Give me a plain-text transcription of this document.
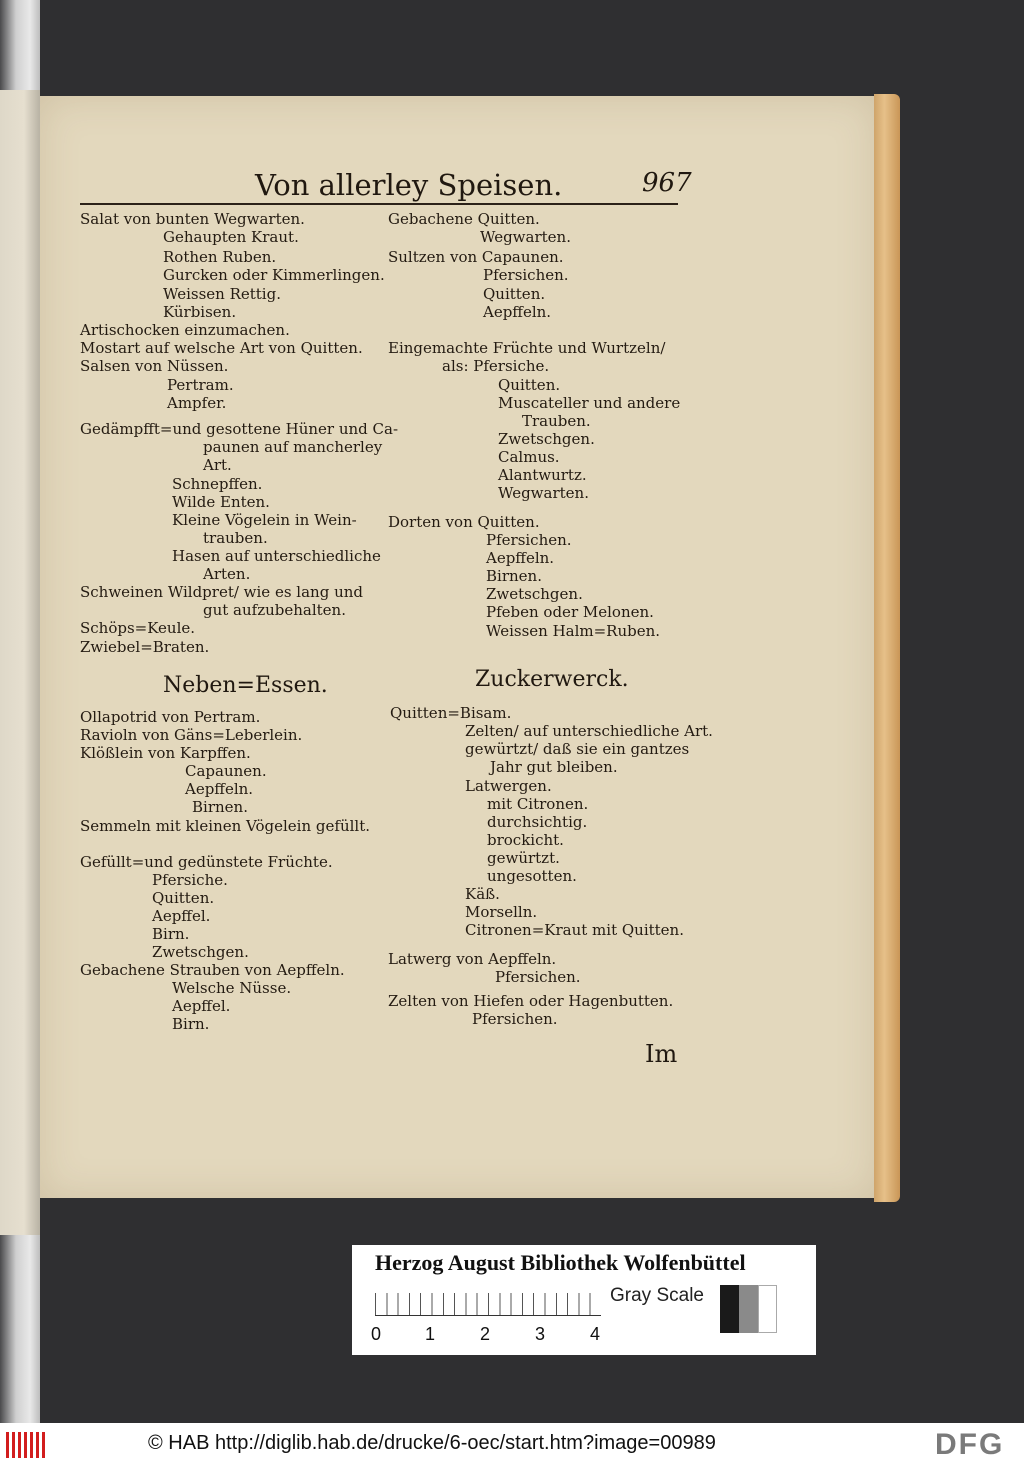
Von allerley Speisen.	967
Salat von bunten Wegwarten.
Gehaupten Kraut.
Rothen Ruben.
Gurcken oder Kimmerlingen.
Weissen Rettig.
Kürbisen.
Artischocken einzumachen.
Mostart auf welsche Art von Quitten.
Salsen von Nüssen.
Pertram.
Ampfer.
Gedämpfft=und gesottene Hüner und Ca-
paunen auf mancherley
Art.
Schnepffen.
Wilde Enten.
Kleine Vögelein in Wein-
trauben.
Hasen auf unterschiedliche
Arten.
Schweinen Wildpret/ wie es lang und
gut aufzubehalten.
Schöps=Keule.
Zwiebel=Braten.
Neben=Essen.
Ollapotrid von Pertram.
Ravioln von Gäns=Leberlein.
Klößlein von Karpffen.
Capaunen.
Aepffeln.
Birnen.
Semmeln mit kleinen Vögelein gefüllt.
Gefüllt=und gedünstete Früchte.
Pfersiche.
Quitten.
Aepffel.
Birn.
Zwetschgen.
Gebachene Strauben von Aepffeln.
Welsche Nüsse.
Aepffel.
Birn.
Gebachene Quitten.
Wegwarten.
Sultzen von Capaunen.
Pfersichen.
Quitten.
Aepffeln.
Eingemachte Früchte und Wurtzeln/
als: Pfersiche.
Quitten.
Muscateller und andere
Trauben.
Zwetschgen.
Calmus.
Alantwurtz.
Wegwarten.
Dorten von Quitten.
Pfersichen.
Aepffeln.
Birnen.
Zwetschgen.
Pfeben oder Melonen.
Weissen Halm=Ruben.
Zuckerwerck.
Quitten=Bisam.
Zelten/ auf unterschiedliche Art.
gewürtzt/ daß sie ein gantzes
Jahr gut bleiben.
Latwergen.
mit Citronen.
durchsichtig.
brockicht.
gewürtzt.
ungesotten.
Käß.
Morselln.
Citronen=Kraut mit Quitten.
Latwerg von Aepffeln.
Pfersichen.
Zelten von Hiefen oder Hagenbutten.
Pfersichen.
Im
Herzog August Bibliothek Wolfenbüttel
0 1 2 3 4
Gray Scale
© HAB http://diglib.hab.de/drucke/6-oec/start.htm?image=00989	DFG
